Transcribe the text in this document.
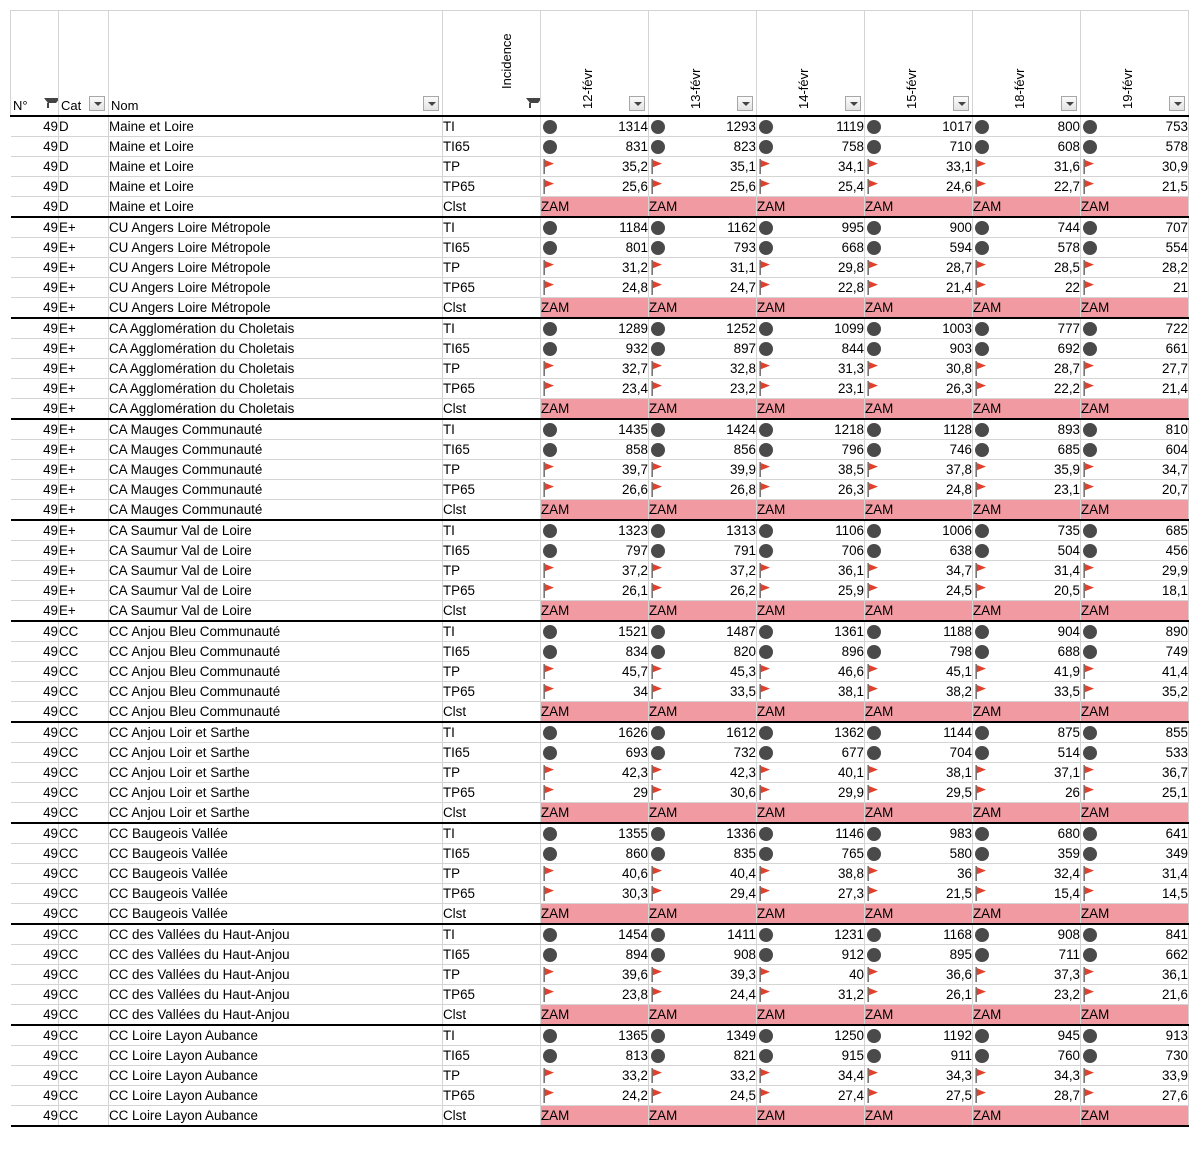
N°	Cat	Nom	Incidence	12-févr	13-févr	14-févr	15-févr	18-févr	19-févr

49	D	Maine et Loire	TI	1314	1293	1119	1017	800	753
49	D	Maine et Loire	TI65	831	823	758	710	608	578
49	D	Maine et Loire	TP	35,2	35,1	34,1	33,1	31,6	30,9
49	D	Maine et Loire	TP65	25,6	25,6	25,4	24,6	22,7	21,5
49	D	Maine et Loire	Clst	ZAM	ZAM	ZAM	ZAM	ZAM	ZAM
49	E+	CU Angers Loire Métropole	TI	1184	1162	995	900	744	707
49	E+	CU Angers Loire Métropole	TI65	801	793	668	594	578	554
49	E+	CU Angers Loire Métropole	TP	31,2	31,1	29,8	28,7	28,5	28,2
49	E+	CU Angers Loire Métropole	TP65	24,8	24,7	22,8	21,4	22	21
49	E+	CU Angers Loire Métropole	Clst	ZAM	ZAM	ZAM	ZAM	ZAM	ZAM
49	E+	CA Agglomération du Choletais	TI	1289	1252	1099	1003	777	722
49	E+	CA Agglomération du Choletais	TI65	932	897	844	903	692	661
49	E+	CA Agglomération du Choletais	TP	32,7	32,8	31,3	30,8	28,7	27,7
49	E+	CA Agglomération du Choletais	TP65	23,4	23,2	23,1	26,3	22,2	21,4
49	E+	CA Agglomération du Choletais	Clst	ZAM	ZAM	ZAM	ZAM	ZAM	ZAM
49	E+	CA Mauges Communauté	TI	1435	1424	1218	1128	893	810
49	E+	CA Mauges Communauté	TI65	858	856	796	746	685	604
49	E+	CA Mauges Communauté	TP	39,7	39,9	38,5	37,8	35,9	34,7
49	E+	CA Mauges Communauté	TP65	26,6	26,8	26,3	24,8	23,1	20,7
49	E+	CA Mauges Communauté	Clst	ZAM	ZAM	ZAM	ZAM	ZAM	ZAM
49	E+	CA Saumur Val de Loire	TI	1323	1313	1106	1006	735	685
49	E+	CA Saumur Val de Loire	TI65	797	791	706	638	504	456
49	E+	CA Saumur Val de Loire	TP	37,2	37,2	36,1	34,7	31,4	29,9
49	E+	CA Saumur Val de Loire	TP65	26,1	26,2	25,9	24,5	20,5	18,1
49	E+	CA Saumur Val de Loire	Clst	ZAM	ZAM	ZAM	ZAM	ZAM	ZAM
49	CC	CC Anjou Bleu Communauté	TI	1521	1487	1361	1188	904	890
49	CC	CC Anjou Bleu Communauté	TI65	834	820	896	798	688	749
49	CC	CC Anjou Bleu Communauté	TP	45,7	45,3	46,6	45,1	41,9	41,4
49	CC	CC Anjou Bleu Communauté	TP65	34	33,5	38,1	38,2	33,5	35,2
49	CC	CC Anjou Bleu Communauté	Clst	ZAM	ZAM	ZAM	ZAM	ZAM	ZAM
49	CC	CC Anjou Loir et Sarthe	TI	1626	1612	1362	1144	875	855
49	CC	CC Anjou Loir et Sarthe	TI65	693	732	677	704	514	533
49	CC	CC Anjou Loir et Sarthe	TP	42,3	42,3	40,1	38,1	37,1	36,7
49	CC	CC Anjou Loir et Sarthe	TP65	29	30,6	29,9	29,5	26	25,1
49	CC	CC Anjou Loir et Sarthe	Clst	ZAM	ZAM	ZAM	ZAM	ZAM	ZAM
49	CC	CC Baugeois Vallée	TI	1355	1336	1146	983	680	641
49	CC	CC Baugeois Vallée	TI65	860	835	765	580	359	349
49	CC	CC Baugeois Vallée	TP	40,6	40,4	38,8	36	32,4	31,4
49	CC	CC Baugeois Vallée	TP65	30,3	29,4	27,3	21,5	15,4	14,5
49	CC	CC Baugeois Vallée	Clst	ZAM	ZAM	ZAM	ZAM	ZAM	ZAM
49	CC	CC des Vallées du Haut-Anjou	TI	1454	1411	1231	1168	908	841
49	CC	CC des Vallées du Haut-Anjou	TI65	894	908	912	895	711	662
49	CC	CC des Vallées du Haut-Anjou	TP	39,6	39,3	40	36,6	37,3	36,1
49	CC	CC des Vallées du Haut-Anjou	TP65	23,8	24,4	31,2	26,1	23,2	21,6
49	CC	CC des Vallées du Haut-Anjou	Clst	ZAM	ZAM	ZAM	ZAM	ZAM	ZAM
49	CC	CC Loire Layon Aubance	TI	1365	1349	1250	1192	945	913
49	CC	CC Loire Layon Aubance	TI65	813	821	915	911	760	730
49	CC	CC Loire Layon Aubance	TP	33,2	33,2	34,4	34,3	34,3	33,9
49	CC	CC Loire Layon Aubance	TP65	24,2	24,5	27,4	27,5	28,7	27,6
49	CC	CC Loire Layon Aubance	Clst	ZAM	ZAM	ZAM	ZAM	ZAM	ZAM
